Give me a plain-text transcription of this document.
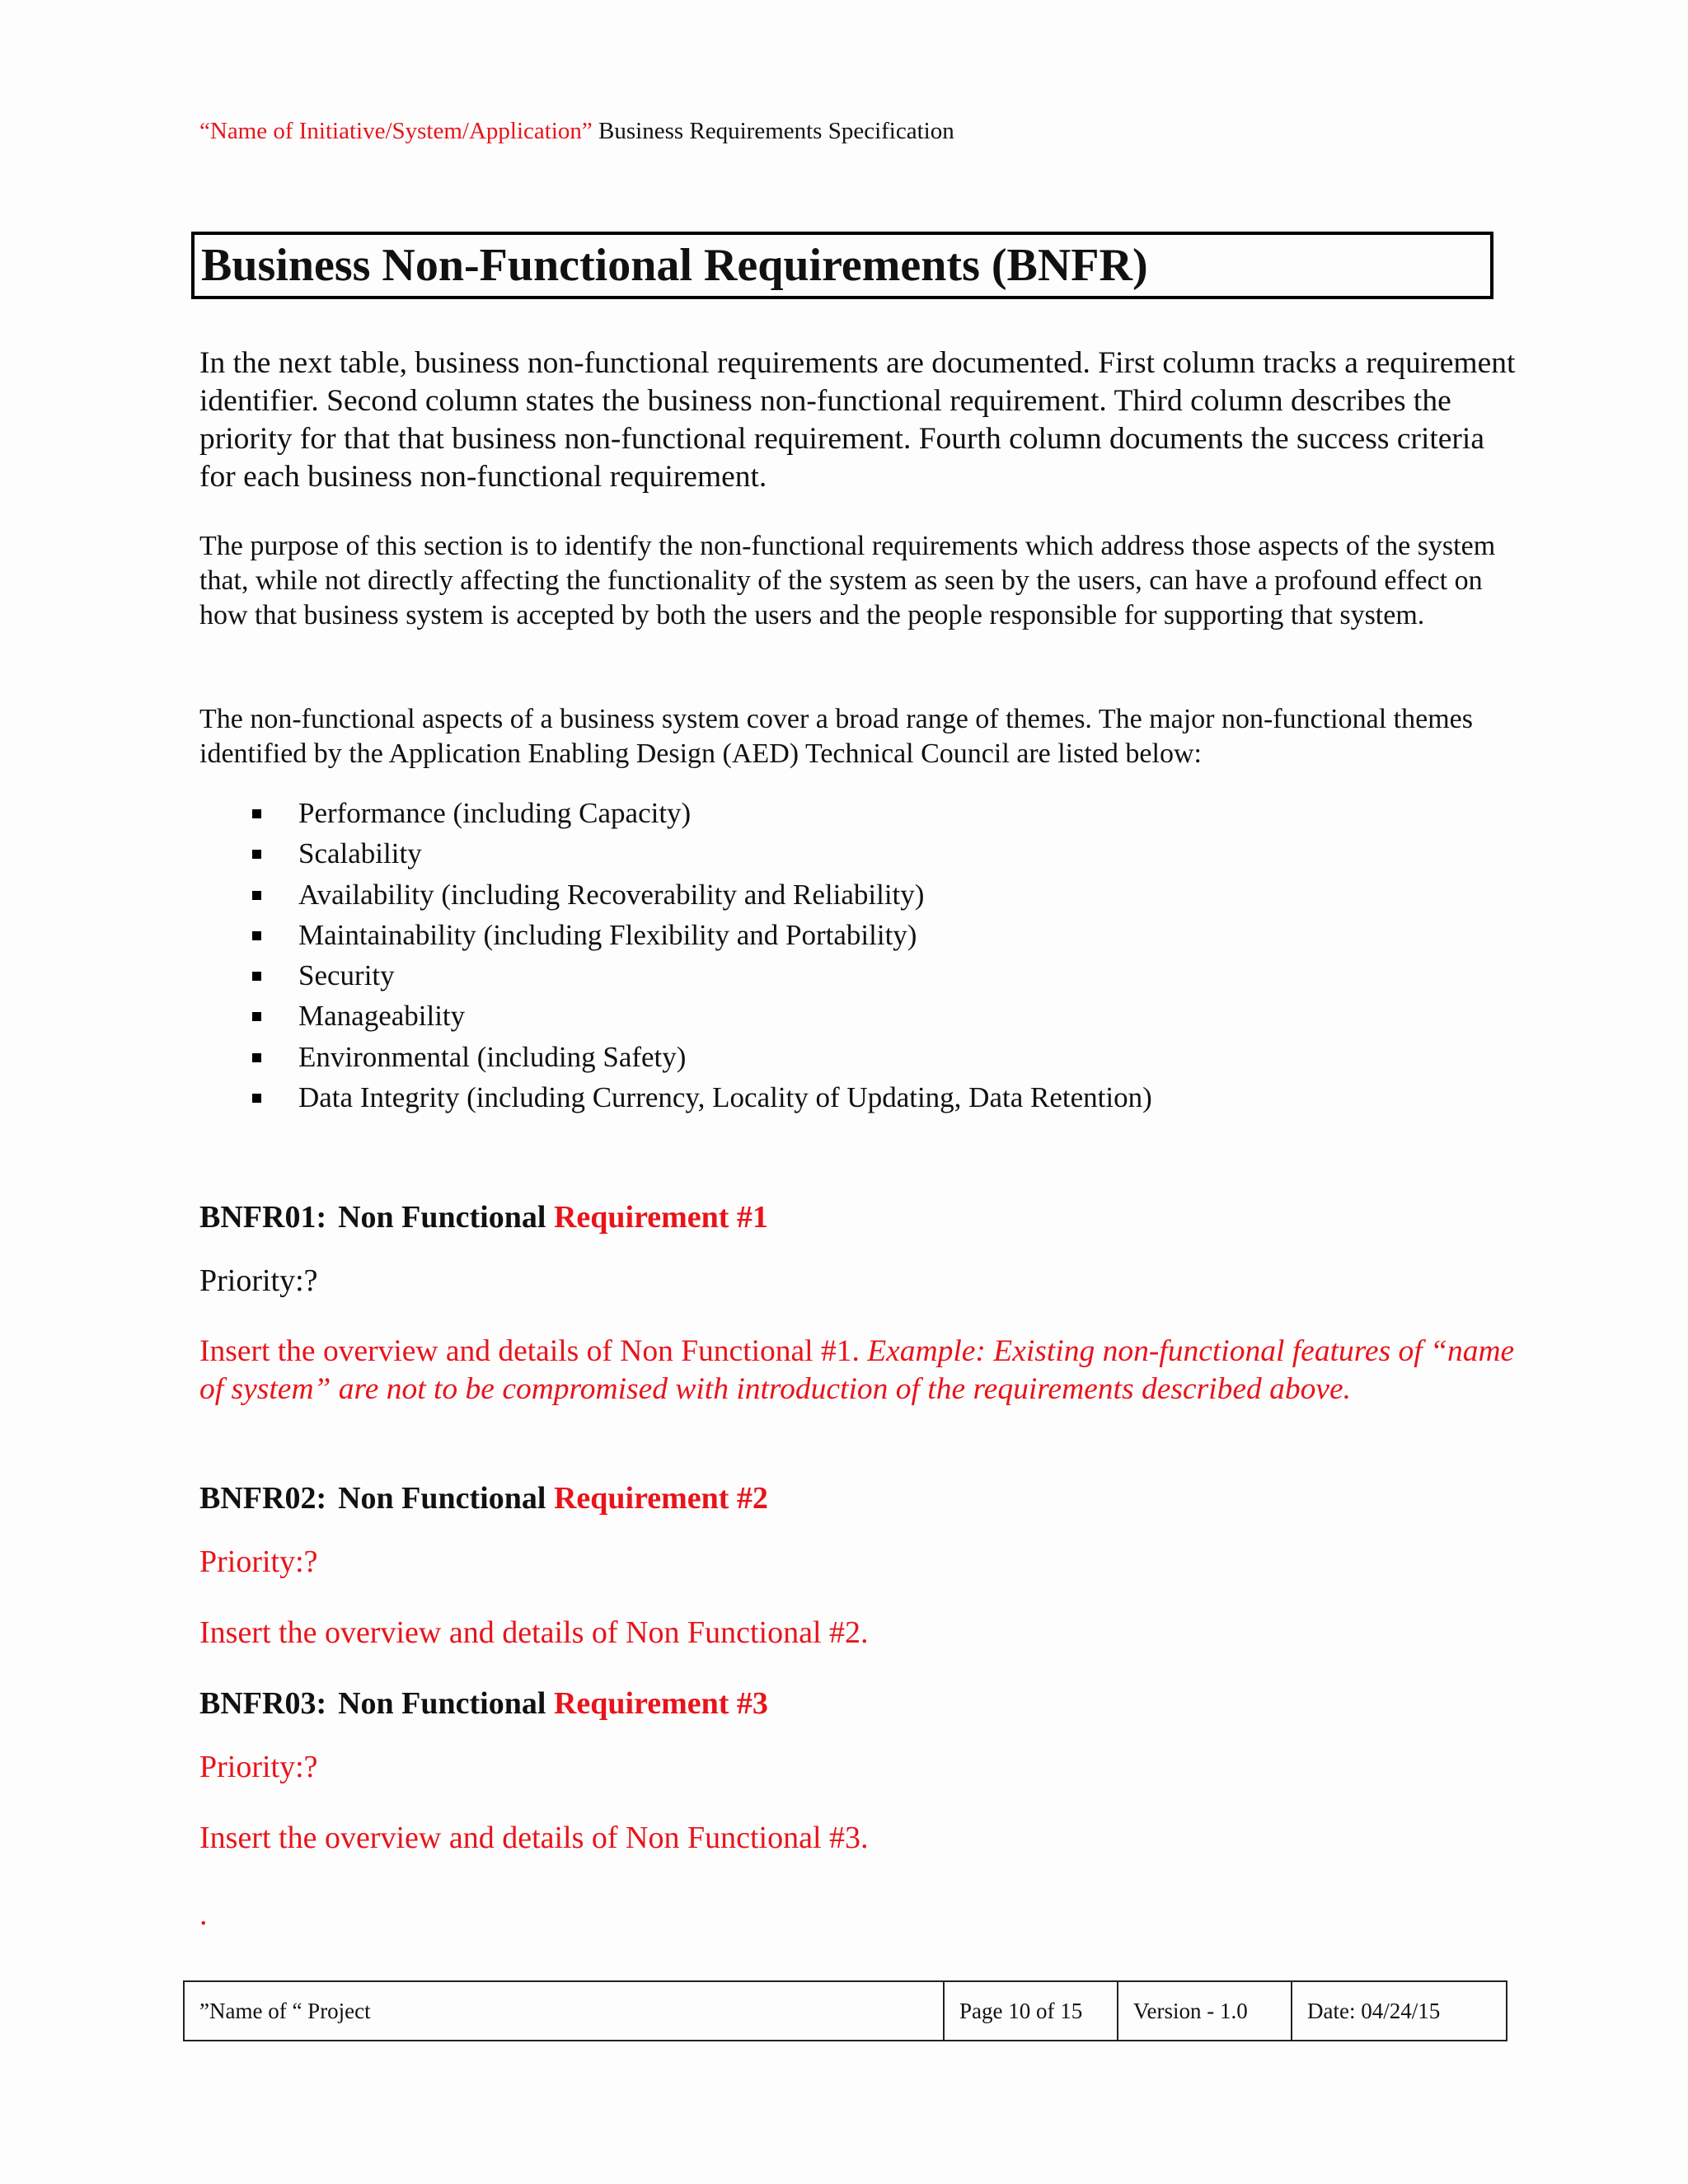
“Name of Initiative/System/Application” Business Requirements Specification
Business Non-Functional Requirements (BNFR)

In the next table, business non-functional requirements are documented. First column tracks a requirement identifier. Second column states the business non-functional requirement. Third column describes the priority for that that business non-functional requirement. Fourth column documents the success criteria for each business non-functional requirement.

The purpose of this section is to identify the non-functional requirements which address those aspects of the system that, while not directly affecting the functionality of the system as seen by the users, can have a profound effect on how that business system is accepted by both the users and the people responsible for supporting that system.

The non-functional aspects of a business system cover a broad range of themes. The major non-functional themes identified by the Application Enabling Design (AED) Technical Council are listed below:

Performance (including Capacity)
Scalability
Availability (including Recoverability and Reliability)
Maintainability (including Flexibility and Portability)
Security
Manageability
Environmental (including Safety)
Data Integrity (including Currency, Locality of Updating, Data Retention)
BNFR01: Non Functional Requirement #1

Priority:?

Insert the overview and details of Non Functional #1. Example: Existing non-functional features of “name of system” are not to be compromised with introduction of the requirements described above.

BNFR02: Non Functional Requirement #2

Priority:?

Insert the overview and details of Non Functional #2.

BNFR03: Non Functional Requirement #3

Priority:?

Insert the overview and details of Non Functional #3.

.

”Name of “ Project	Page 10 of 15	Version - 1.0	Date: 04/24/15
